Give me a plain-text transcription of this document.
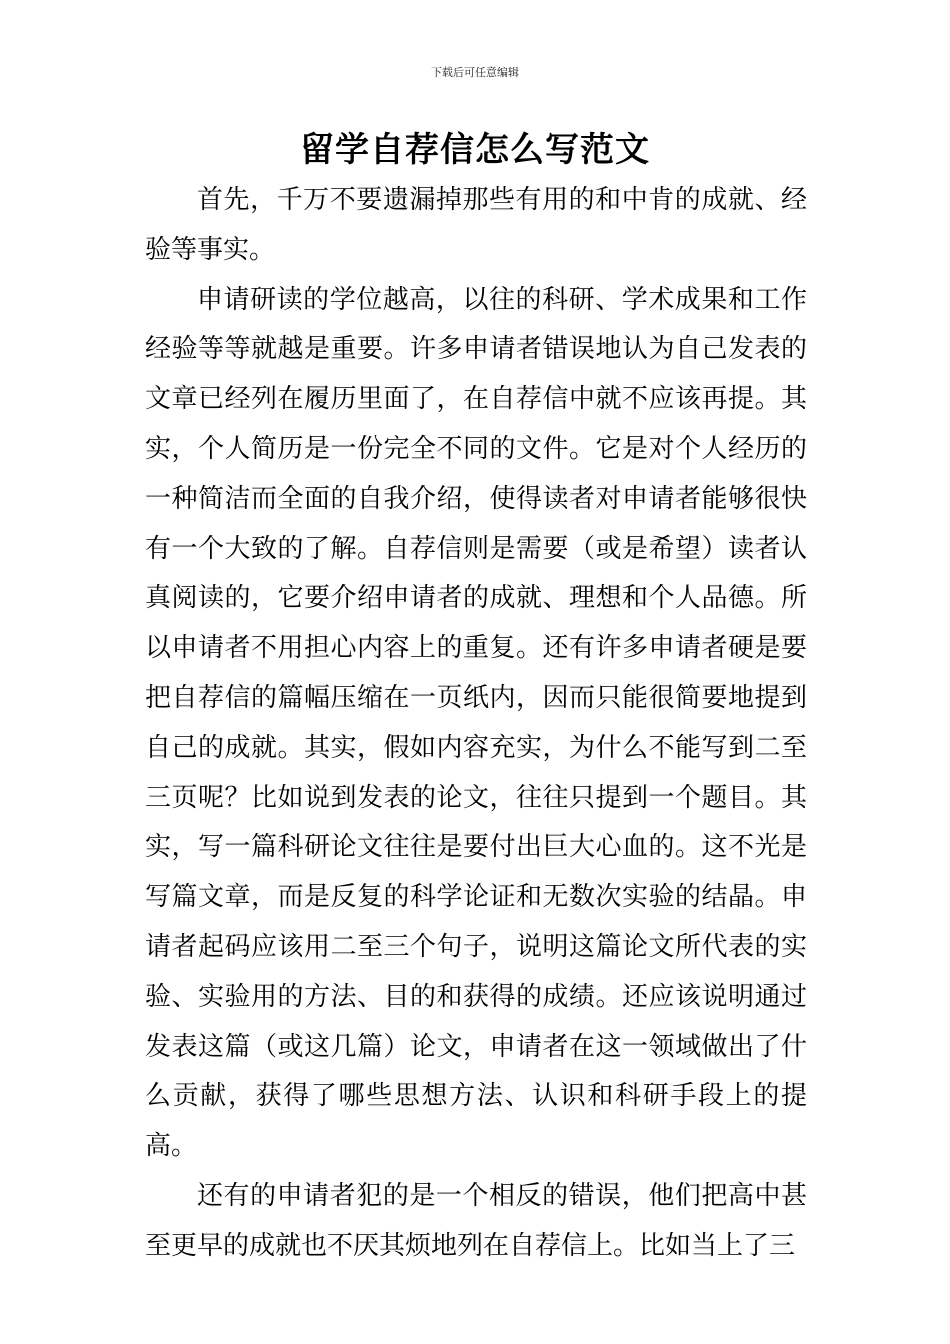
下载后可任意编辑
留学自荐信怎么写范文

首先，千万不要遗漏掉那些有用的和中肯的成就、经验等事实。

申请研读的学位越高，以往的科研、学术成果和工作经验等等就越是重要。许多申请者错误地认为自己发表的文章已经列在履历里面了，在自荐信中就不应该再提。其实，个人简历是一份完全不同的文件。它是对个人经历的一种简洁而全面的自我介绍，使得读者对申请者能够很快有一个大致的了解。自荐信则是需要（或是希望）读者认真阅读的，它要介绍申请者的成就、理想和个人品德。所以申请者不用担心内容上的重复。还有许多申请者硬是要把自荐信的篇幅压缩在一页纸内，因而只能很简要地提到自己的成就。其实，假如内容充实，为什么不能写到二至三页呢？比如说到发表的论文，往往只提到一个题目。其实，写一篇科研论文往往是要付出巨大心血的。这不光是写篇文章，而是反复的科学论证和无数次实验的结晶。申请者起码应该用二至三个句子，说明这篇论文所代表的实验、实验用的方法、目的和获得的成绩。还应该说明通过发表这篇（或这几篇）论文，申请者在这一领域做出了什么贡献，获得了哪些思想方法、认识和科研手段上的提高。

还有的申请者犯的是一个相反的错误，他们把高中甚至更早的成就也不厌其烦地列在自荐信上。比如当上了三
